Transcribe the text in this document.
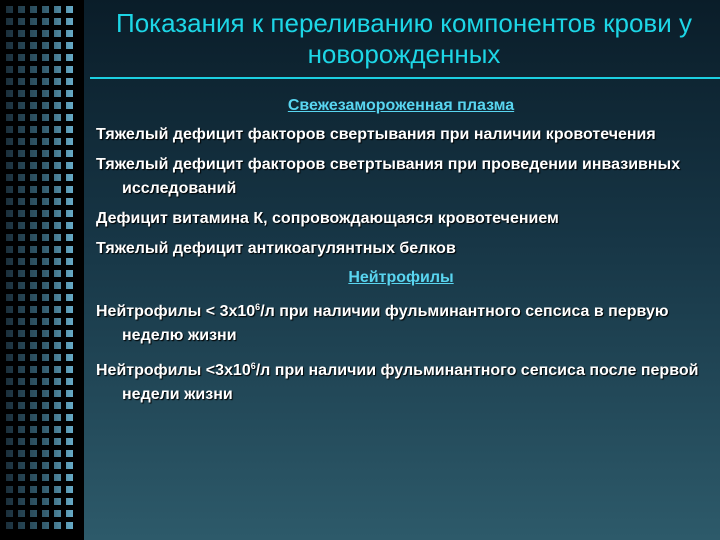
Показания к переливанию компонентов крови у новорожденных
Свежезамороженная плазма
Тяжелый дефицит факторов свертывания при наличии кровотечения
Тяжелый дефицит факторов светртывания при проведении инвазивных исследований
Дефицит витамина К, сопровождающаяся кровотечением
Тяжелый дефицит антикоагулянтных белков
Нейтрофилы
Нейтрофилы < $3х10^6/л$ при наличии фульминантного сепсиса в первую неделю жизни
Нейтрофилы $<3х10^6/л$ при наличии фульминантного сепсиса после первой недели жизни
